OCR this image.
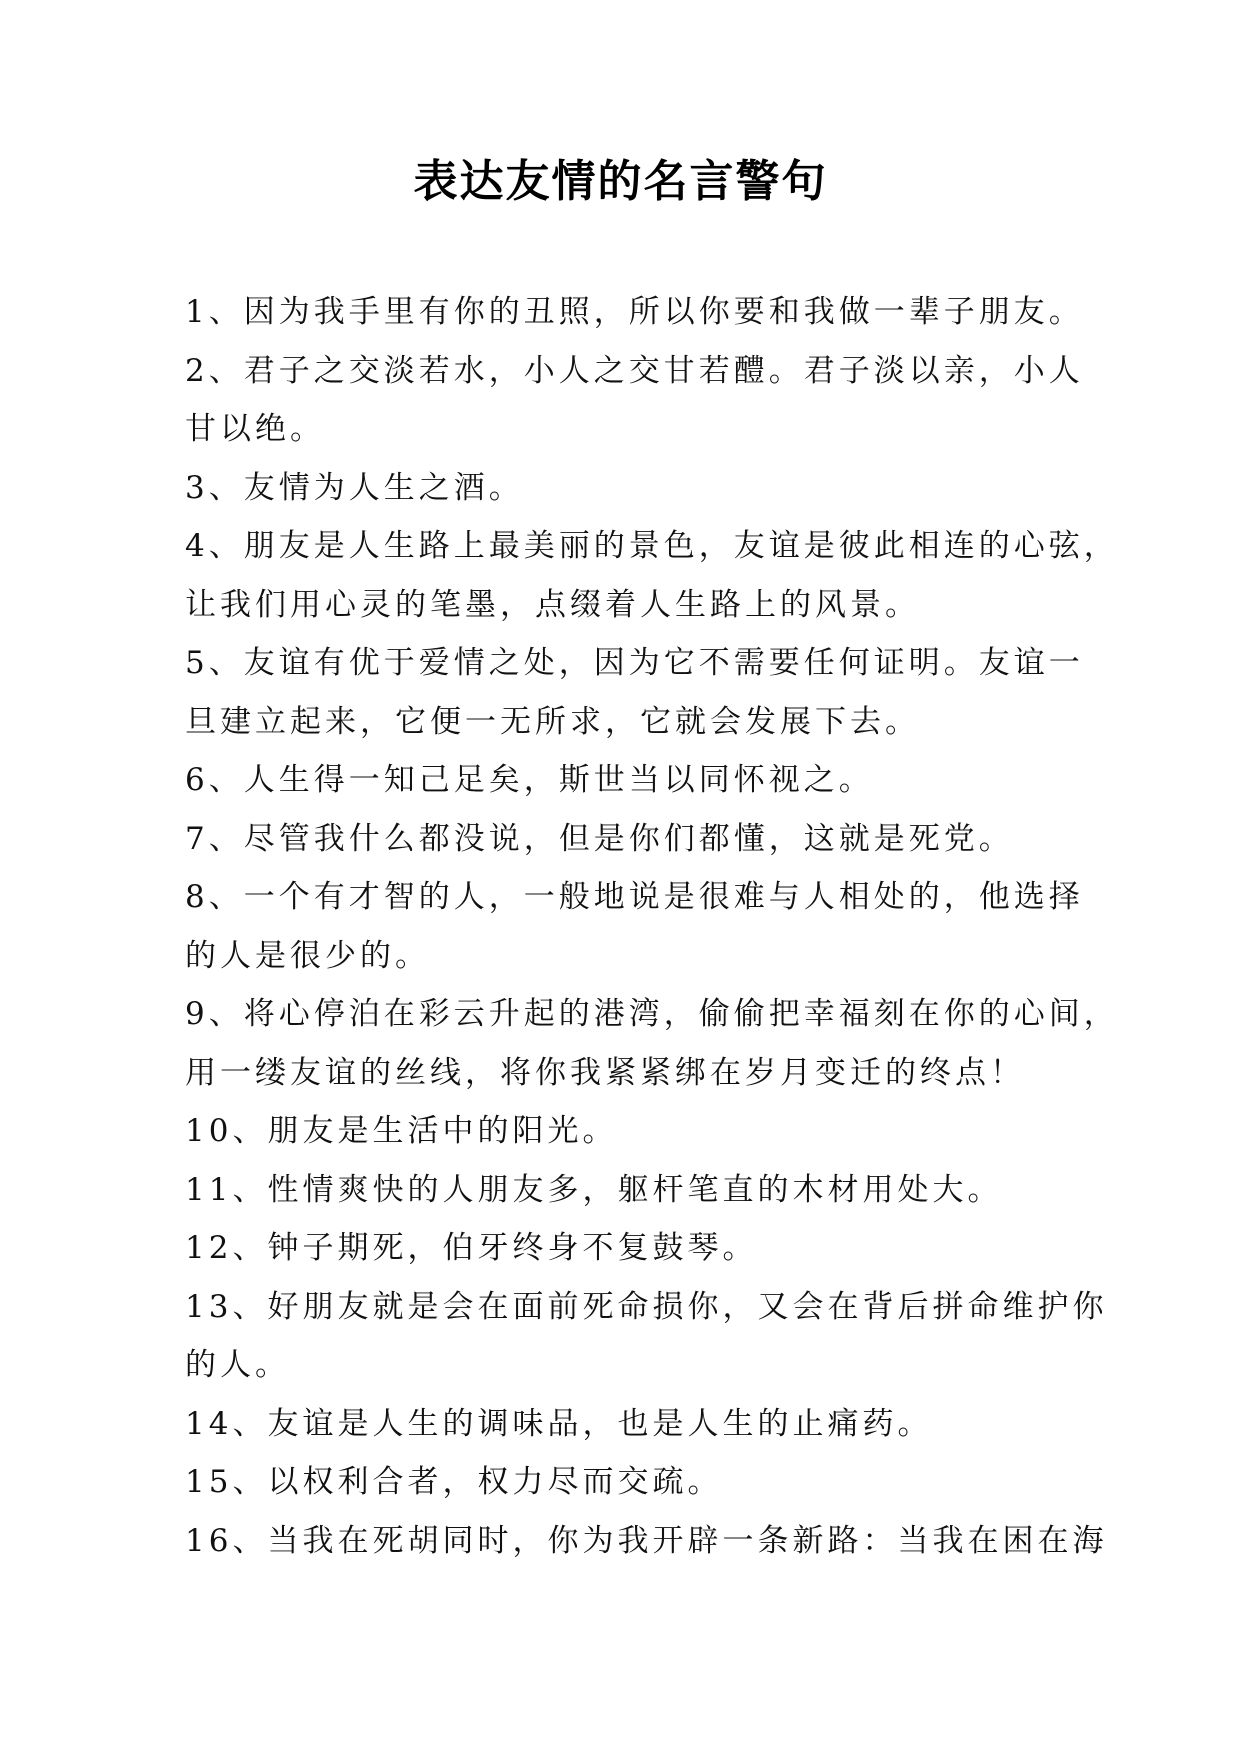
表达友情的名言警句
1、因为我手里有你的丑照，所以你要和我做一辈子朋友。
2、君子之交淡若水，小人之交甘若醴。君子淡以亲，小人
甘以绝。
3、友情为人生之酒。
4、朋友是人生路上最美丽的景色，友谊是彼此相连的心弦，
让我们用心灵的笔墨，点缀着人生路上的风景。
5、友谊有优于爱情之处，因为它不需要任何证明。友谊一
旦建立起来，它便一无所求，它就会发展下去。
6、人生得一知己足矣，斯世当以同怀视之。
7、尽管我什么都没说，但是你们都懂，这就是死党。
8、一个有才智的人，一般地说是很难与人相处的，他选择
的人是很少的。
9、将心停泊在彩云升起的港湾，偷偷把幸福刻在你的心间，
用一缕友谊的丝线，将你我紧紧绑在岁月变迁的终点！
10、朋友是生活中的阳光。
11、性情爽快的人朋友多，躯杆笔直的木材用处大。
12、钟子期死，伯牙终身不复鼓琴。
13、好朋友就是会在面前死命损你，又会在背后拼命维护你
的人。
14、友谊是人生的调味品，也是人生的止痛药。
15、以权利合者，权力尽而交疏。
16、当我在死胡同时，你为我开辟一条新路：当我在困在海
